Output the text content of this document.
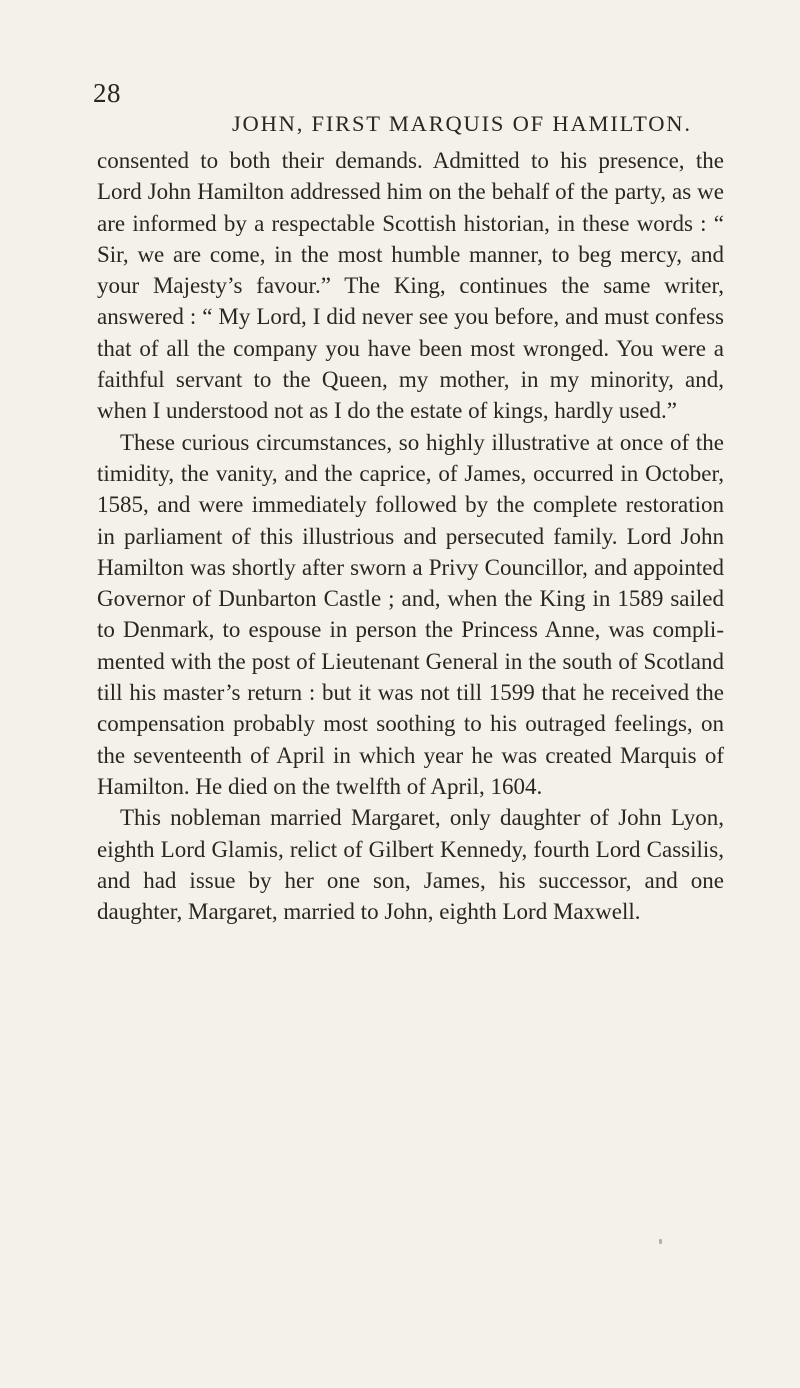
28
JOHN, FIRST MARQUIS OF HAMILTON.

consented to both their demands. Admitted to his presence, the Lord John Hamilton addressed him on the behalf of the party, as we are informed by a respectable Scottish historian, in these words : “ Sir, we are come, in the most humble manner, to beg mercy, and your Majesty’s favour.” The King, continues the same writer, answered : “ My Lord, I did never see you before, and must confess that of all the company you have been most wronged. You were a faithful servant to the Queen, my mother, in my minority, and, when I understood not as I do the estate of kings, hardly used.”

These curious circumstances, so highly illustrative at once of the timidity, the vanity, and the caprice, of James, occurred in October, 1585, and were immediately followed by the complete restoration in parliament of this illustrious and persecuted family. Lord John Hamilton was shortly after sworn a Privy Councillor, and appointed Governor of Dunbarton Castle ; and, when the King in 1589 sailed to Denmark, to espouse in person the Princess Anne, was complimented with the post of Lieutenant General in the south of Scotland till his master’s return : but it was not till 1599 that he received the compensation probably most soothing to his outraged feelings, on the seventeenth of April in which year he was created Marquis of Hamilton. He died on the twelfth of April, 1604.

This nobleman married Margaret, only daughter of John Lyon, eighth Lord Glamis, relict of Gilbert Kennedy, fourth Lord Cassilis, and had issue by her one son, James, his successor, and one daughter, Margaret, married to John, eighth Lord Maxwell.
